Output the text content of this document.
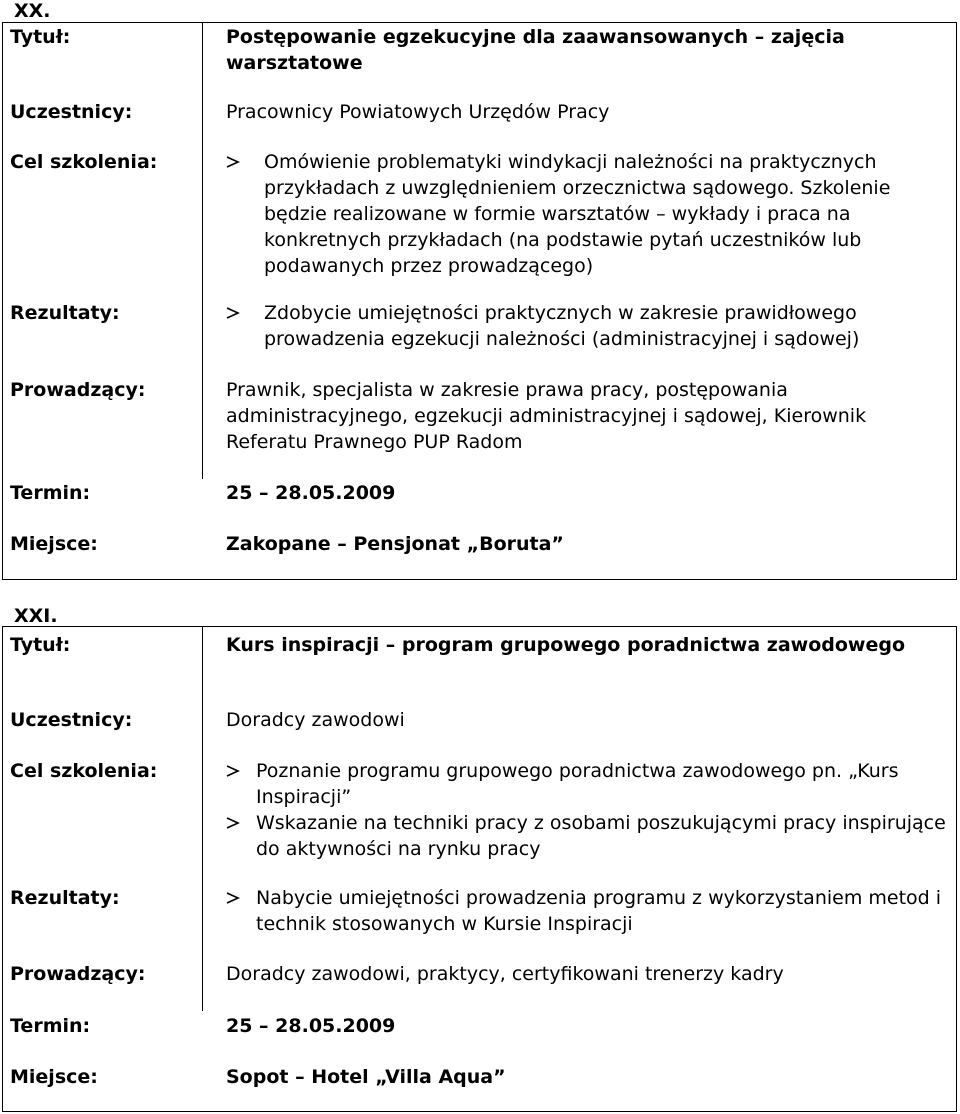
XX.
Tytuł:	Postępowanie egzekucyjne dla zaawansowanych – zajęcia warsztatowe
Uczestnicy:	Pracownicy Powiatowych Urzędów Pracy
Cel szkolenia:	Omówienie problematyki windykacji należności na praktycznych przykładach z uwzględnieniem orzecznictwa sądowego. Szkolenie będzie realizowane w formie warsztatów – wykłady i praca na konkretnych przykładach (na podstawie pytań uczestników lub podawanych przez prowadzącego)
Rezultaty:	Zdobycie umiejętności praktycznych w zakresie prawidłowego prowadzenia egzekucji należności (administracyjnej i sądowej)
Prowadzący:	Prawnik, specjalista w zakresie prawa pracy, postępowania administracyjnego, egzekucji administracyjnej i sądowej, Kierownik Referatu Prawnego PUP Radom
Termin:	25 – 28.05.2009
Miejsce:	Zakopane – Pensjonat „Boruta”
XXI.
Tytuł:	Kurs inspiracji – program grupowego poradnictwa zawodowego
Uczestnicy:	Doradcy zawodowi
Cel szkolenia:	Poznanie programu grupowego poradnictwa zawodowego pn. „Kurs Inspiracji”
Wskazanie na techniki pracy z osobami poszukującymi pracy inspirujące do aktywności na rynku pracy
Rezultaty:	Nabycie umiejętności prowadzenia programu z wykorzystaniem metod i technik stosowanych w Kursie Inspiracji
Prowadzący:	Doradcy zawodowi, praktycy, certyfikowani trenerzy kadry
Termin:	25 – 28.05.2009
Miejsce:	Sopot – Hotel „Villa Aqua”
